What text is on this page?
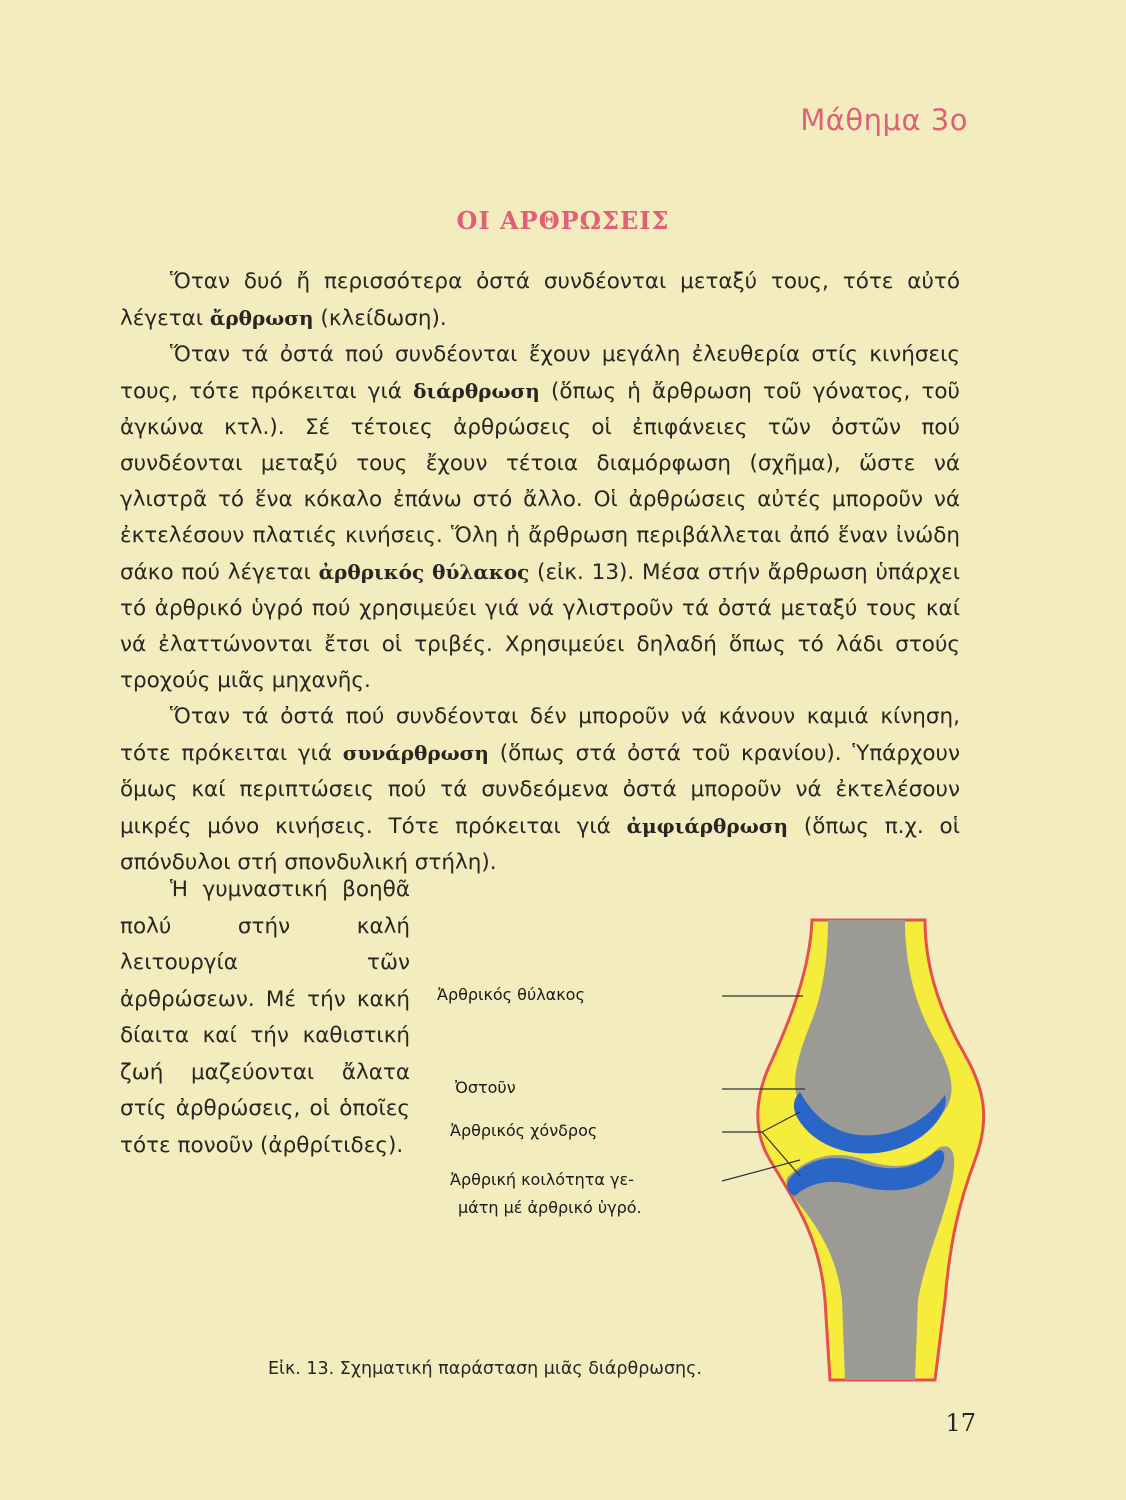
Μάθημα 3ο
ΟΙ ΑΡΘΡΩΣΕΙΣ

Ὅταν δυό ἤ περισσότερα ὀστά συνδέονται μεταξύ τους, τότε αὐτό λέγεται ἄρθρωση (κλείδωση).

Ὅταν τά ὀστά πού συνδέονται ἔχουν μεγάλη ἐλευθερία στίς κινήσεις τους, τότε πρόκειται γιά διάρθρωση (ὅπως ἡ ἄρθρωση τοῦ γόνατος, τοῦ ἀγκώνα κτλ.). Σέ τέτοιες ἀρθρώσεις οἱ ἐπιφάνειες τῶν ὀστῶν πού συνδέονται μεταξύ τους ἔχουν τέτοια διαμόρφωση (σχῆμα), ὥστε νά γλιστρᾶ τό ἕνα κόκαλο ἐπάνω στό ἄλλο. Οἱ ἀρθρώσεις αὐτές μποροῦν νά ἐκτελέσουν πλατιές κινήσεις. Ὅλη ἡ ἄρθρωση περιβάλλεται ἀπό ἕναν ἰνώδη σάκο πού λέγεται ἀρθρικός θύλακος (εἰκ. 13). Μέσα στήν ἄρθρωση ὑπάρχει τό ἀρθρικό ὑγρό πού χρησιμεύει γιά νά γλιστροῦν τά ὀστά μεταξύ τους καί νά ἐλαττώνονται ἔτσι οἱ τριβές. Χρησιμεύει δηλαδή ὅπως τό λάδι στούς τροχούς μιᾶς μηχανῆς.

Ὅταν τά ὀστά πού συνδέονται δέν μποροῦν νά κάνουν καμιά κίνηση, τότε πρόκειται γιά συνάρθρωση (ὅπως στά ὀστά τοῦ κρανίου). Ὑπάρχουν ὅμως καί περιπτώσεις πού τά συνδεόμενα ὀστά μποροῦν νά ἐκτελέσουν μικρές μόνο κινήσεις. Τότε πρόκειται γιά ἀμφιάρθρωση (ὅπως π.χ. οἱ σπόνδυλοι στή σπονδυλική στήλη).

Ἡ γυμναστική βοηθᾶ πολύ στήν καλή λειτουργία τῶν ἀρθρώσεων. Μέ τήν κακή δίαιτα καί τήν καθιστική ζωή μαζεύονται ἄλατα στίς ἀρθρώσεις, οἱ ὁποῖες τότε πονοῦν (ἀρθρίτιδες).

Ἀρθρικός θύλακος
Ὀστοῦν
Ἀρθρικός χόνδρος
Ἀρθρική κοιλότητα γε-
μάτη μέ ἀρθρικό ὑγρό.
Εἰκ. 13. Σχηματική παράσταση μιᾶς διάρθρωσης.
17
